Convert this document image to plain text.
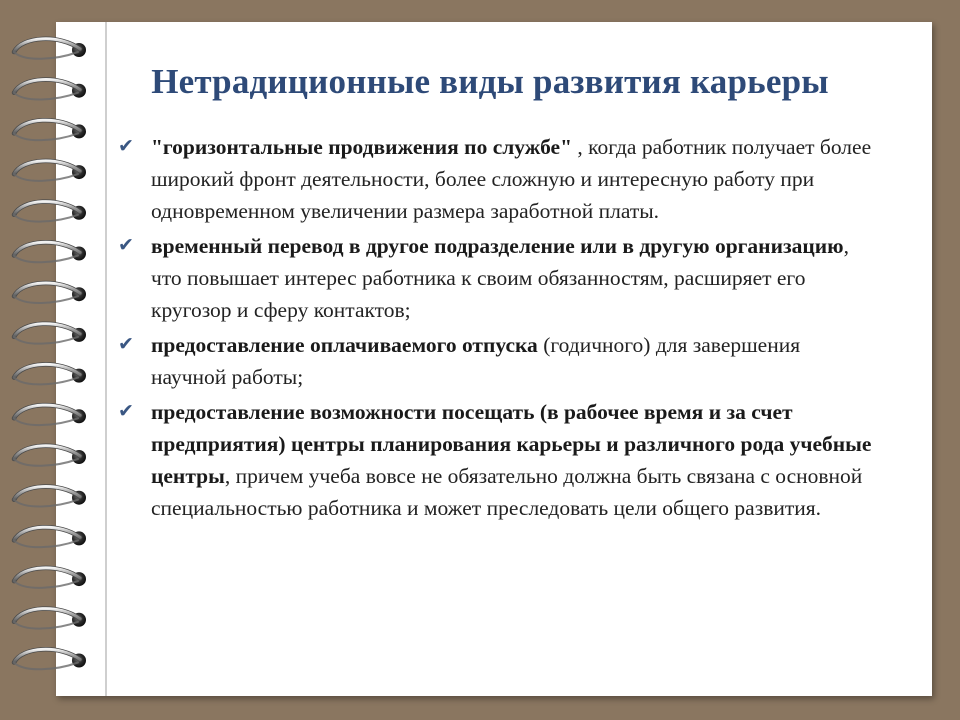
Нетрадиционные виды развития карьеры
✔ "горизонтальные продвижения по службе" , когда работник получает более широкий фронт деятельности, более сложную и интересную работу при одновременном увеличении размера заработной платы.
✔ временный перевод в другое подразделение или в другую организацию, что повышает интерес работника к своим обязанностям, расширяет его кругозор и сферу контактов;
✔ предоставление оплачиваемого отпуска (годичного) для завершения научной работы;
✔ предоставление возможности посещать (в рабочее время и за счет предприятия) центры планирования карьеры и различного рода учебные центры, причем учеба вовсе не обязательно должна быть связана с основной специальностью работника и может преследовать цели общего развития.
